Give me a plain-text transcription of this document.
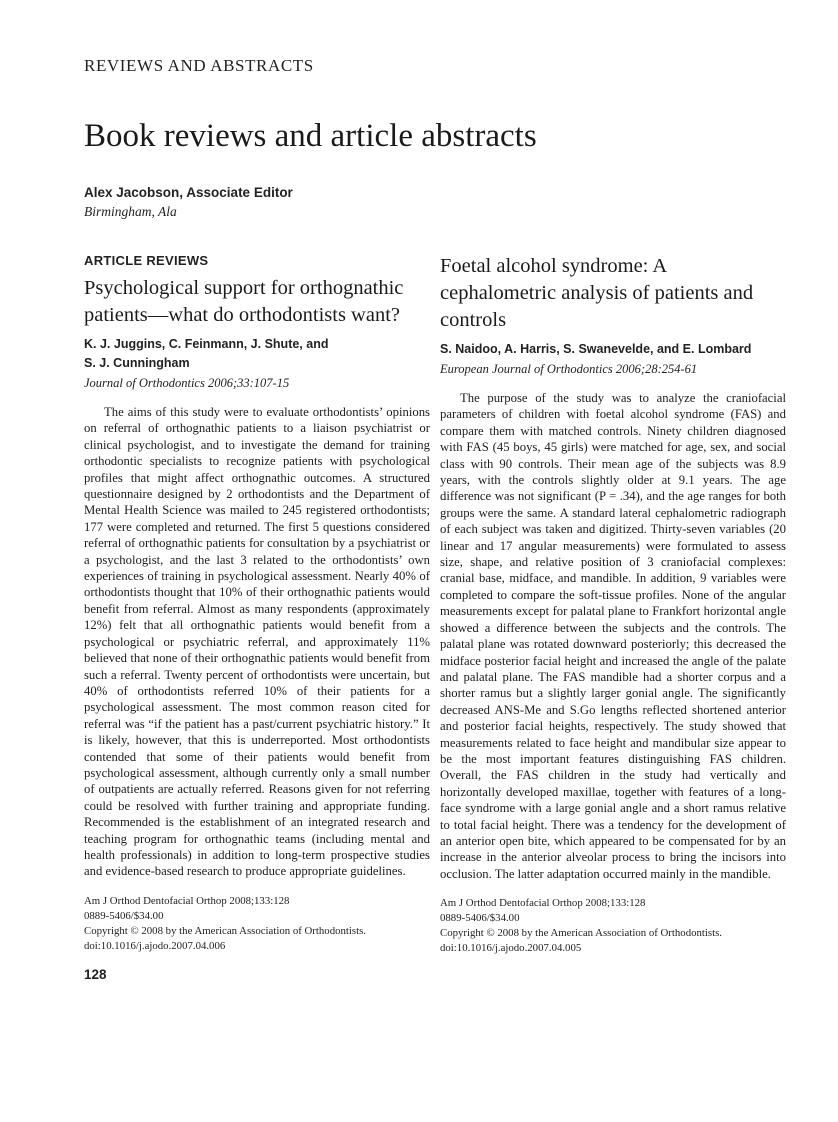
REVIEWS AND ABSTRACTS
Book reviews and article abstracts
Alex Jacobson, Associate Editor
Birmingham, Ala
ARTICLE REVIEWS
Psychological support for orthognathic patients—what do orthodontists want?
K. J. Juggins, C. Feinmann, J. Shute, and
S. J. Cunningham
Journal of Orthodontics 2006;33:107-15

The aims of this study were to evaluate orthodontists’ opinions on referral of orthognathic patients to a liaison psychiatrist or clinical psychologist, and to investigate the demand for training orthodontic specialists to recognize patients with psychological profiles that might affect orthognathic outcomes. A structured questionnaire designed by 2 orthodontists and the Department of Mental Health Science was mailed to 245 registered orthodontists; 177 were completed and returned. The first 5 questions considered referral of orthognathic patients for consultation by a psychiatrist or a psychologist, and the last 3 related to the orthodontists’ own experiences of training in psychological assessment. Nearly 40% of orthodontists thought that 10% of their orthognathic patients would benefit from referral. Almost as many respondents (approximately 12%) felt that all orthognathic patients would benefit from a psychological or psychiatric referral, and approximately 11% believed that none of their orthognathic patients would benefit from such a referral. Twenty percent of orthodontists were uncertain, but 40% of orthodontists referred 10% of their patients for a psychological assessment. The most common reason cited for referral was “if the patient has a past/current psychiatric history.” It is likely, however, that this is underreported. Most orthodontists contended that some of their patients would benefit from psychological assessment, although currently only a small number of outpatients are actually referred. Reasons given for not referring could be resolved with further training and appropriate funding. Recommended is the establishment of an integrated research and teaching program for orthognathic teams (including mental and health professionals) in addition to long-term prospective studies and evidence-based research to produce appropriate guidelines.

Am J Orthod Dentofacial Orthop 2008;133:128
0889-5406/$34.00
Copyright © 2008 by the American Association of Orthodontists.
doi:10.1016/j.ajodo.2007.04.006
128
Foetal alcohol syndrome: A cephalometric analysis of patients and controls
S. Naidoo, A. Harris, S. Swanevelde, and E. Lombard
European Journal of Orthodontics 2006;28:254-61

The purpose of the study was to analyze the craniofacial parameters of children with foetal alcohol syndrome (FAS) and compare them with matched controls. Ninety children diagnosed with FAS (45 boys, 45 girls) were matched for age, sex, and social class with 90 controls. Their mean age of the subjects was 8.9 years, with the controls slightly older at 9.1 years. The age difference was not significant (P = .34), and the age ranges for both groups were the same. A standard lateral cephalometric radiograph of each subject was taken and digitized. Thirty-seven variables (20 linear and 17 angular measurements) were formulated to assess size, shape, and relative position of 3 craniofacial complexes: cranial base, midface, and mandible. In addition, 9 variables were completed to compare the soft-tissue profiles. None of the angular measurements except for palatal plane to Frankfort horizontal angle showed a difference between the subjects and the controls. The palatal plane was rotated downward posteriorly; this decreased the midface posterior facial height and increased the angle of the palate and palatal plane. The FAS mandible had a shorter corpus and a shorter ramus but a slightly larger gonial angle. The significantly decreased ANS-Me and S.Go lengths reflected shortened anterior and posterior facial heights, respectively. The study showed that measurements related to face height and mandibular size appear to be the most important features distinguishing FAS children. Overall, the FAS children in the study had vertically and horizontally developed maxillae, together with features of a long-face syndrome with a large gonial angle and a short ramus relative to total facial height. There was a tendency for the development of an anterior open bite, which appeared to be compensated for by an increase in the anterior alveolar process to bring the incisors into occlusion. The latter adaptation occurred mainly in the mandible.

Am J Orthod Dentofacial Orthop 2008;133:128
0889-5406/$34.00
Copyright © 2008 by the American Association of Orthodontists.
doi:10.1016/j.ajodo.2007.04.005
